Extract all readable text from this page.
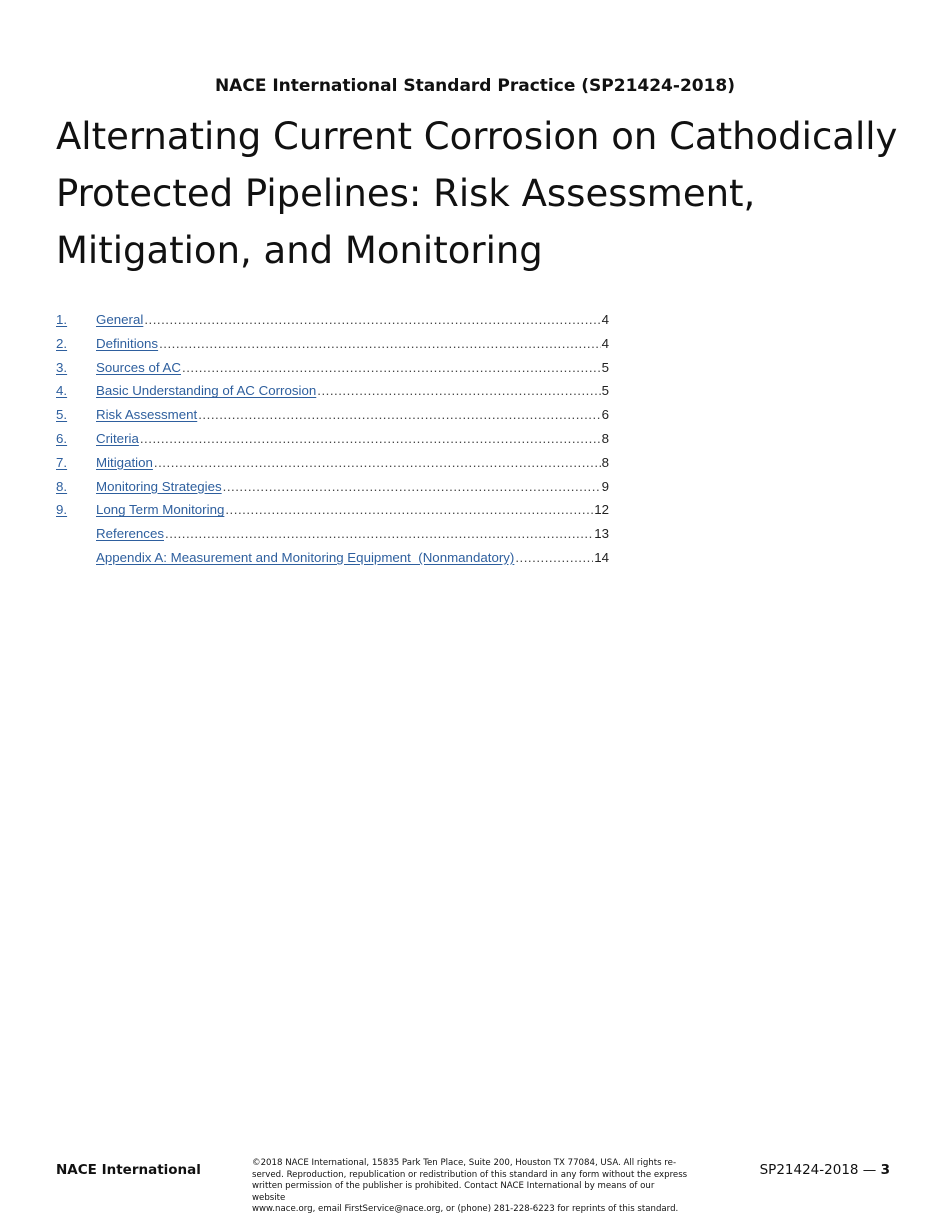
NACE International Standard Practice (SP21424-2018)
Alternating Current Corrosion on Cathodically
Protected Pipelines: Risk Assessment,
Mitigation, and Monitoring
1.	General .....	4
2.	Definitions .....	4
3.	Sources of AC .....	5
4.	Basic Understanding of AC Corrosion .....	5
5.	Risk Assessment .....	6
6.	Criteria .....	8
7.	Mitigation .....	8
8.	Monitoring Strategies .....	9
9.	Long Term Monitoring .....	12
References .....	13
Appendix A: Measurement and Monitoring Equipment  (Nonmandatory) .....	14
NACE International	©2018 NACE International, 15835 Park Ten Place, Suite 200, Houston TX 77084, USA. All rights re-
served. Reproduction, republication or redistribution of this standard in any form without the express
written permission of the publisher is prohibited. Contact NACE International by means of our website
www.nace.org, email FirstService@nace.org, or (phone) 281-228-6223 for reprints of this standard.
SP21424-2018 — 3
